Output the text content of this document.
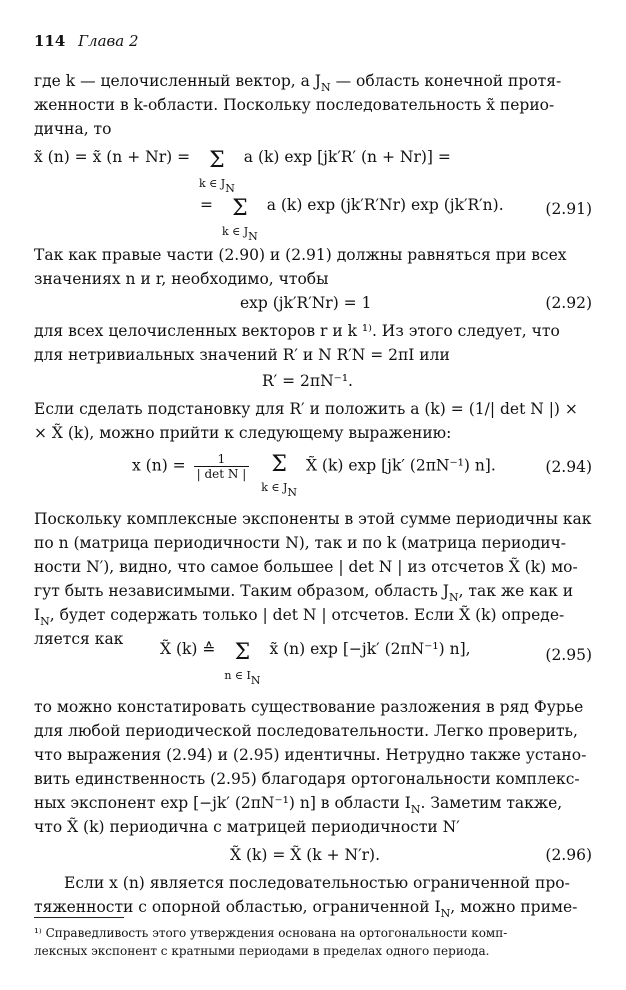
114 Глава 2
где k — целочисленный вектор, а $J_N$ — область конечной протя-
женности в k-области. Поскольку последовательность x̃ перио-
дична, то
x̃ (n) = x̃ (n + Nr) = Σ
k ∈ JN a (k) exp [jk′R′ (n + Nr)] =
= Σ
k ∈ JN a (k) exp (jk′R′Nr) exp (jk′R′n).	(2.91)
Так как правые части (2.90) и (2.91) должны равняться при всех
значениях n и r, необходимо, чтобы
exp (jk′R′Nr) = 1	(2.92)
для всех целочисленных векторов r и k ¹⁾. Из этого следует, что
для нетривиальных значений R′ и N R′N = 2πI или
R′ = 2πN⁻¹.
Если сделать подстановку для R′ и положить a (k) = (1/| det N |) ×
× X̃ (k), можно прийти к следующему выражению:
x $(n) = \frac{1}{\text{| det N |}}$ Σ
k ∈ JN X̃ (k) exp [jk′ (2πN⁻¹) n].	(2.94)
Поскольку комплексные экспоненты в этой сумме периодичны как
по n (матрица периодичности N), так и по k (матрица периодич-
ности N′), видно, что самое большее | det N | из отсчетов X̃ (k) мо-
гут быть независимыми. Таким образом, область $J_N$, так же как и
$I_N$, будет содержать только | det N | отсчетов. Если X̃ (k) опреде-
ляется как
X̃ (k) ≙ Σ
n ∈ IN x̃ (n) exp [−jk′ (2πN⁻¹) n],	(2.95)
то можно констатировать существование разложения в ряд Фурье
для любой периодической последовательности. Легко проверить,
что выражения (2.94) и (2.95) идентичны. Нетрудно также устано-
вить единственность (2.95) благодаря ортогональности комплекс-
ных экспонент exp [−jk′ (2πN⁻¹) n] в области $I_N$. Заметим также,
что X̃ (k) периодична с матрицей периодичности N′
X̃ (k) = X̃ (k + N′r).	(2.96)
Если x (n) является последовательностью ограниченной про-
тяженности с опорной областью, ограниченной $I_N$, можно приме-
¹⁾ Справедливость этого утверждения основана на ортогональности комп-
лексных экспонент с кратными периодами в пределах одного периода.
